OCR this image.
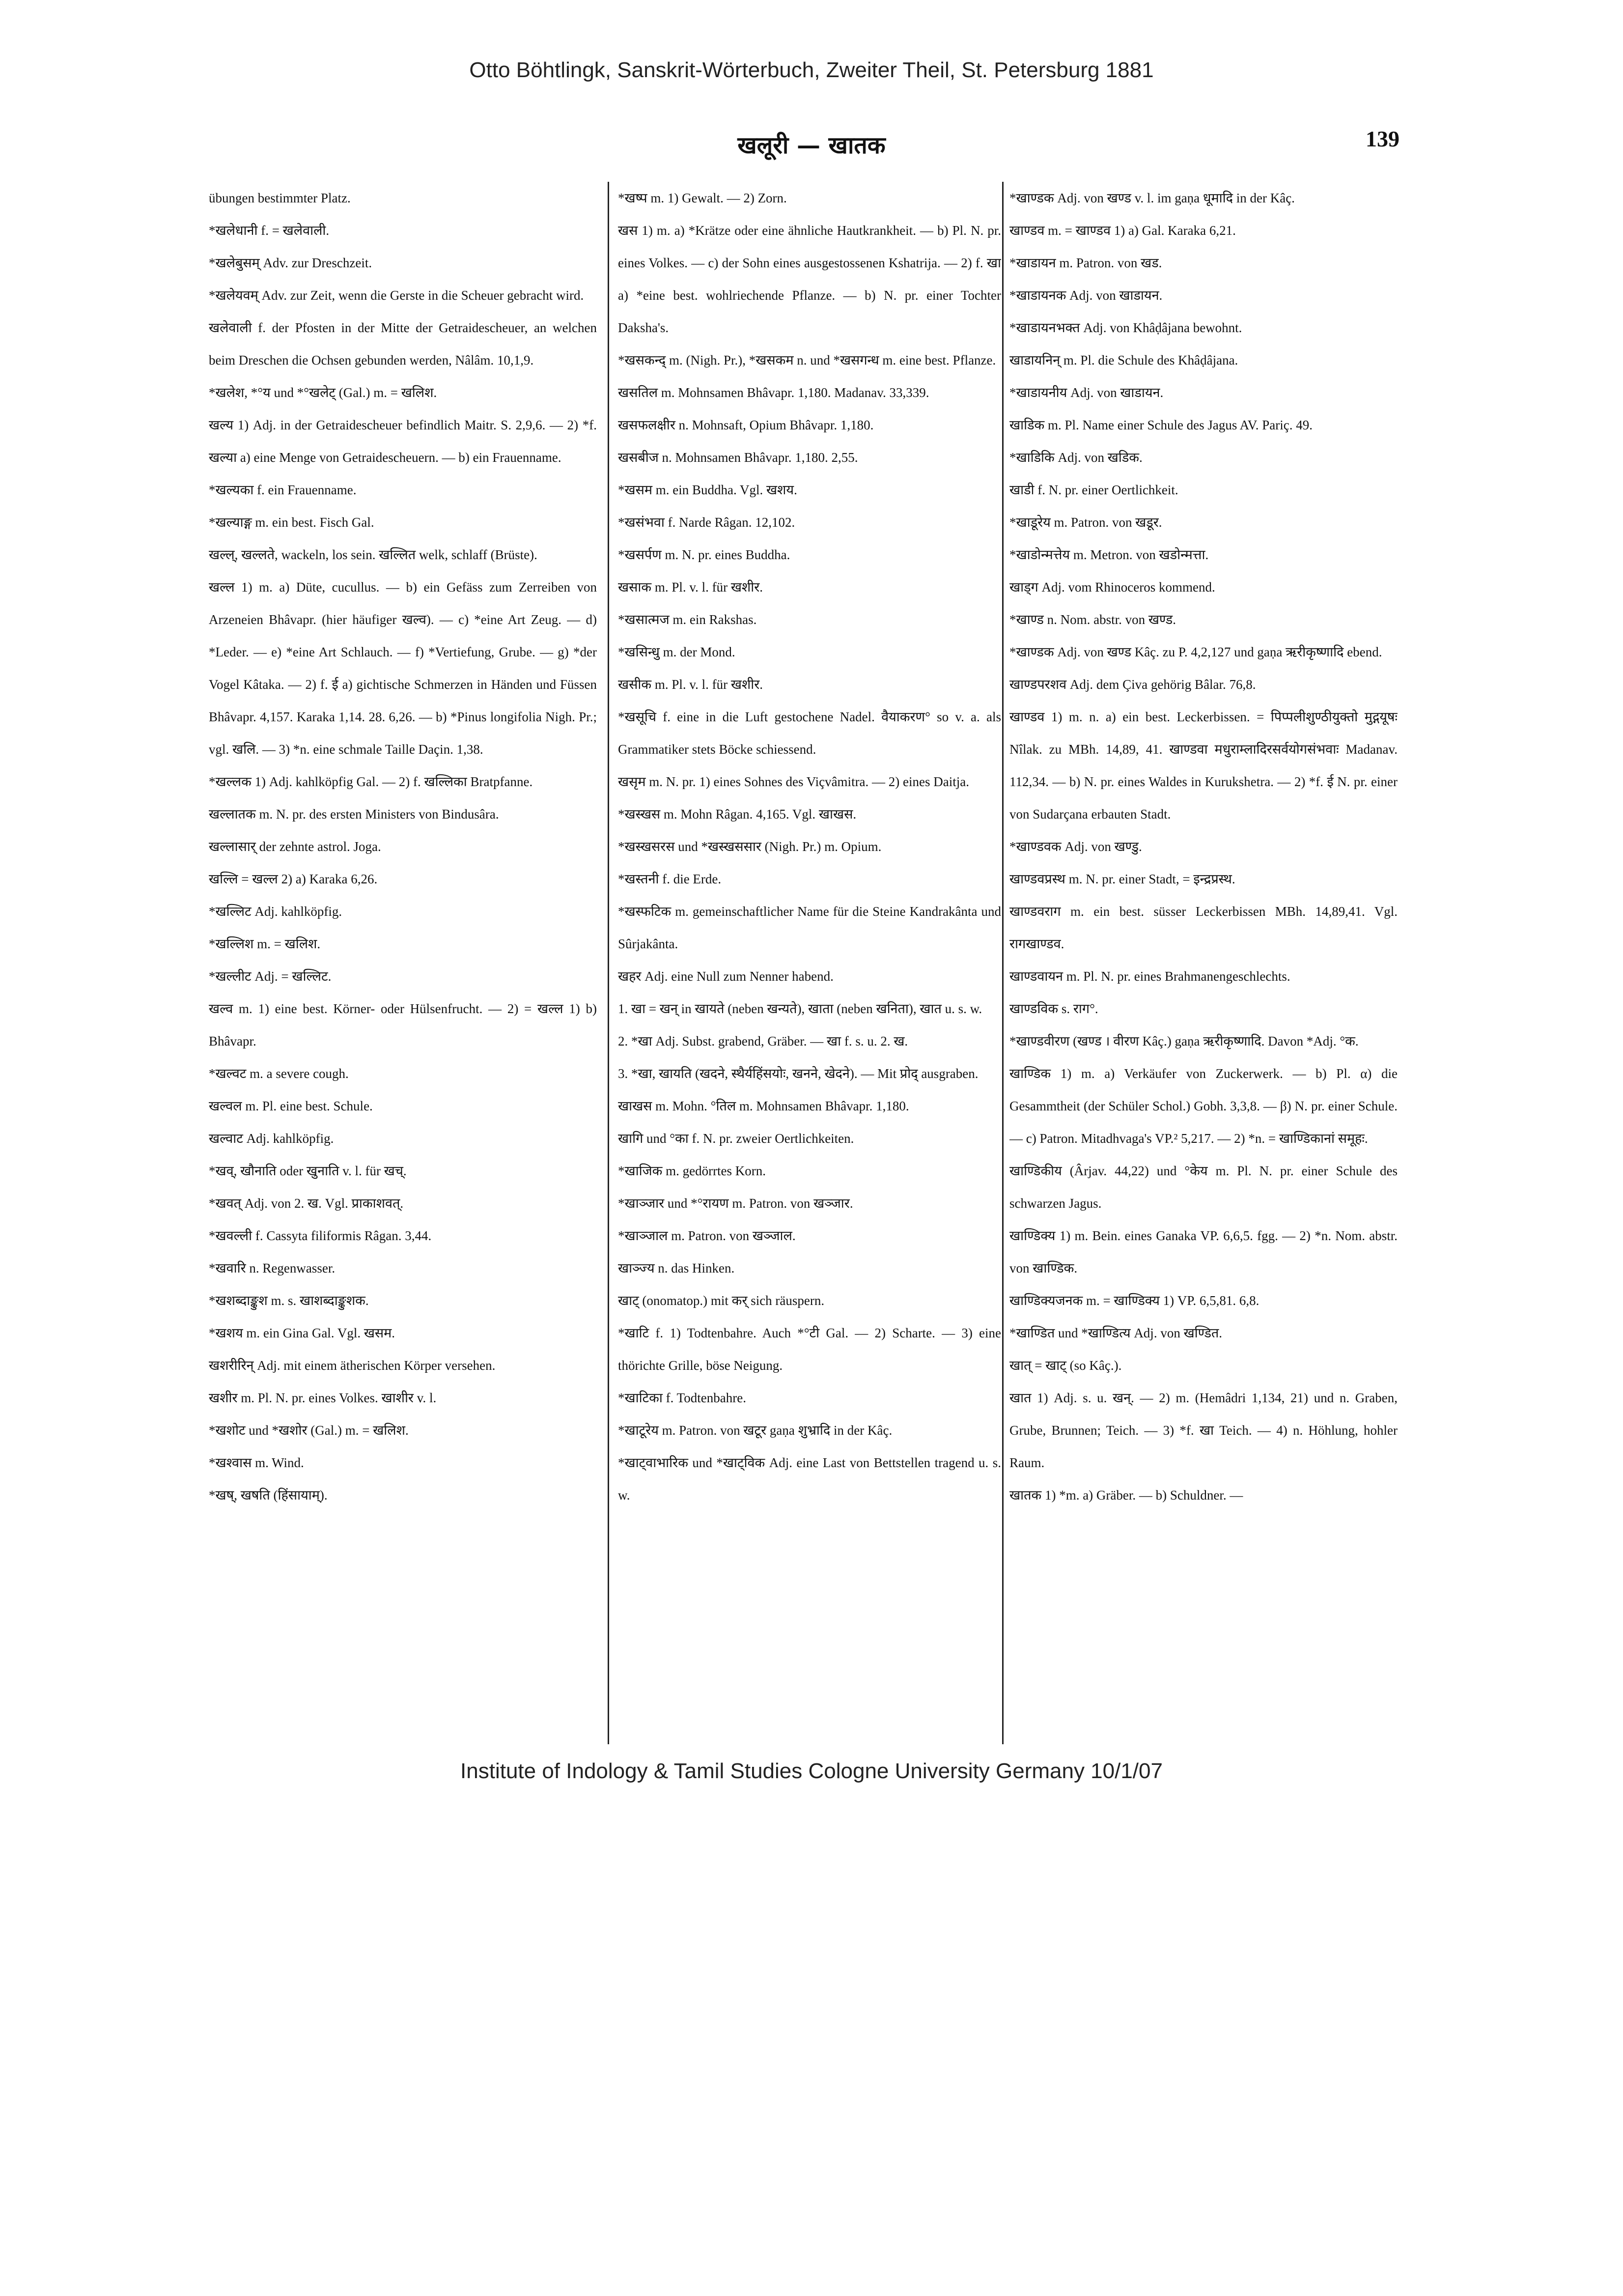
Otto Böhtlingk, Sanskrit-Wörterbuch, Zweiter Theil, St. Petersburg 1881
खलूरी — खातक	139

übungen bestimmter Platz.

*खलेधानी f. = खलेवाली.

*खलेबुसम् Adv. zur Dreschzeit.

*खलेयवम् Adv. zur Zeit, wenn die Gerste in die Scheuer gebracht wird.

खलेवाली f. der Pfosten in der Mitte der Getraidescheuer, an welchen beim Dreschen die Ochsen gebunden werden, Nâlâm. 10,1,9.

*खलेश, *°य und *°खलेट् (Gal.) m. = खलिश.

खल्य 1) Adj. in der Getraidescheuer befindlich Maitr. S. 2,9,6. — 2) *f. खल्या a) eine Menge von Getraidescheuern. — b) ein Frauenname.

*खल्यका f. ein Frauenname.

*खल्याङ्ग m. ein best. Fisch Gal.

खल्ल्, खल्लते, wackeln, los sein. खल्लित welk, schlaff (Brüste).

खल्ल 1) m. a) Düte, cucullus. — b) ein Gefäss zum Zerreiben von Arzeneien Bhâvapr. (hier häufiger खल्व). — c) *eine Art Zeug. — d) *Leder. — e) *eine Art Schlauch. — f) *Vertiefung, Grube. — g) *der Vogel Kâtaka. — 2) f. ई a) gichtische Schmerzen in Händen und Füssen Bhâvapr. 4,157. Karaka 1,14. 28. 6,26. — b) *Pinus longifolia Nigh. Pr.; vgl. खलि. — 3) *n. eine schmale Taille Daçin. 1,38.

*खल्लक 1) Adj. kahlköpfig Gal. — 2) f. खल्लिका Bratpfanne.

खल्लातक m. N. pr. des ersten Ministers von Bindusâra.

खल्लासार् der zehnte astrol. Joga.

खल्लि = खल्ल 2) a) Karaka 6,26.

*खल्लिट Adj. kahlköpfig.

*खल्लिश m. = खलिश.

*खल्लीट Adj. = खल्लिट.

खल्व m. 1) eine best. Körner- oder Hülsenfrucht. — 2) = खल्ल 1) b) Bhâvapr.

*खल्वट m. a severe cough.

खल्वल m. Pl. eine best. Schule.

खल्वाट Adj. kahlköpfig.

*खव्, खौनाति oder खुनाति v. l. für खच्.

*खवत् Adj. von 2. ख. Vgl. प्राकाशवत्.

*खवल्ली f. Cassyta filiformis Râgan. 3,44.

*खवारि n. Regenwasser.

*खशब्दाङ्कुश m. s. खाशब्दाङ्कुशक.

*खशय m. ein Gina Gal. Vgl. खसम.

खशरीरिन् Adj. mit einem ätherischen Körper versehen.

खशीर m. Pl. N. pr. eines Volkes. खाशीर v. l.

*खशोट und *खशोर (Gal.) m. = खलिश.

*खश्वास m. Wind.

*खष्, खषति (हिंसायाम्).

*खष्प m. 1) Gewalt. — 2) Zorn.

खस 1) m. a) *Krätze oder eine ähnliche Hautkrankheit. — b) Pl. N. pr. eines Volkes. — c) der Sohn eines ausgestossenen Kshatrija. — 2) f. खा a) *eine best. wohlriechende Pflanze. — b) N. pr. einer Tochter Daksha's.

*खसकन्द् m. (Nigh. Pr.), *खसकम n. und *खसगन्ध m. eine best. Pflanze.

खसतिल m. Mohnsamen Bhâvapr. 1,180. Madanav. 33,339.

खसफलक्षीर n. Mohnsaft, Opium Bhâvapr. 1,180.

खसबीज n. Mohnsamen Bhâvapr. 1,180. 2,55.

*खसम m. ein Buddha. Vgl. खशय.

*खसंभवा f. Narde Râgan. 12,102.

*खसर्पण m. N. pr. eines Buddha.

खसाक m. Pl. v. l. für खशीर.

*खसात्मज m. ein Rakshas.

*खसिन्धु m. der Mond.

खसीक m. Pl. v. l. für खशीर.

*खसूचि f. eine in die Luft gestochene Nadel. वैयाकरण° so v. a. als Grammatiker stets Böcke schiessend.

खसृम m. N. pr. 1) eines Sohnes des Viçvâmitra. — 2) eines Daitja.

*खस्खस m. Mohn Râgan. 4,165. Vgl. खाखस.

*खस्खसरस und *खस्खससार (Nigh. Pr.) m. Opium.

*खस्तनी f. die Erde.

*खस्फटिक m. gemeinschaftlicher Name für die Steine Kandrakânta und Sûrjakânta.

खहर Adj. eine Null zum Nenner habend.

1. खा = खन् in खायते (neben खन्यते), खाता (neben खनिता), खात u. s. w.

2. *खा Adj. Subst. grabend, Gräber. — खा f. s. u. 2. ख.

3. *खा, खायति (खदने, स्थैर्यहिंसयोः, खनने, खेदने). — Mit प्रोद् ausgraben.

खाखस m. Mohn. °तिल m. Mohnsamen Bhâvapr. 1,180.

खागि und °का f. N. pr. zweier Oertlichkeiten.

*खाजिक m. gedörrtes Korn.

*खाञ्जार und *°रायण m. Patron. von खञ्जार.

*खाञ्जाल m. Patron. von खञ्जाल.

खाञ्ज्य n. das Hinken.

खाट् (onomatop.) mit कर् sich räuspern.

*खाटि f. 1) Todtenbahre. Auch *°टी Gal. — 2) Scharte. — 3) eine thörichte Grille, böse Neigung.

*खाटिका f. Todtenbahre.

*खाटूरेय m. Patron. von खटूर gaṇa शुभ्रादि in der Kâç.

*खाट्वाभारिक und *खाट्विक Adj. eine Last von Bettstellen tragend u. s. w.

*खाण्डक Adj. von खण्ड v. l. im gaṇa धूमादि in der Kâç.

खाण्डव m. = खाण्डव 1) a) Gal. Karaka 6,21.

*खाडायन m. Patron. von खड.

*खाडायनक Adj. von खाडायन.

*खाडायनभक्त Adj. von Khâḍâjana bewohnt.

खाडायनिन् m. Pl. die Schule des Khâḍâjana.

*खाडायनीय Adj. von खाडायन.

खाडिक m. Pl. Name einer Schule des Jagus AV. Pariç. 49.

*खाडिकि Adj. von खडिक.

खाडी f. N. pr. einer Oertlichkeit.

*खाडूरेय m. Patron. von खडूर.

*खाडोन्मत्तेय m. Metron. von खडोन्मत्ता.

खाड्ग Adj. vom Rhinoceros kommend.

*खाण्ड n. Nom. abstr. von खण्ड.

*खाण्डक Adj. von खण्ड Kâç. zu P. 4,2,127 und gaṇa ऋरीकृष्णादि ebend.

खाण्डपरशव Adj. dem Çiva gehörig Bâlar. 76,8.

खाण्डव 1) m. n. a) ein best. Leckerbissen. = पिप्पलीशुण्ठीयुक्तो मुद्गयूषः Nîlak. zu MBh. 14,89, 41. खाण्डवा मधुराम्लादिरसर्वयोगसंभवाः Madanav. 112,34. — b) N. pr. eines Waldes in Kurukshetra. — 2) *f. ई N. pr. einer von Sudarçana erbauten Stadt.

*खाण्डवक Adj. von खण्डु.

खाण्डवप्रस्थ m. N. pr. einer Stadt, = इन्द्रप्रस्थ.

खाण्डवराग m. ein best. süsser Leckerbissen MBh. 14,89,41. Vgl. रागखाण्डव.

खाण्डवायन m. Pl. N. pr. eines Brahmanengeschlechts.

खाण्डविक s. राग°.

*खाण्डवीरण (खण्ड । वीरण Kâç.) gaṇa ऋरीकृष्णादि. Davon *Adj. °क.

खाण्डिक 1) m. a) Verkäufer von Zuckerwerk. — b) Pl. α) die Gesammtheit (der Schüler Schol.) Gobh. 3,3,8. — β) N. pr. einer Schule. — c) Patron. Mitadhvaga's VP.² 5,217. — 2) *n. = खाण्डिकानां समूहः.

खाण्डिकीय (Ârjav. 44,22) und °केय m. Pl. N. pr. einer Schule des schwarzen Jagus.

खाण्डिक्य 1) m. Bein. eines Ganaka VP. 6,6,5. fgg. — 2) *n. Nom. abstr. von खाण्डिक.

खाण्डिक्यजनक m. = खाण्डिक्य 1) VP. 6,5,81. 6,8.

*खाण्डित und *खाण्डित्य Adj. von खण्डित.

खात् = खाट् (so Kâç.).

खात 1) Adj. s. u. खन्. — 2) m. (Hemâdri 1,134, 21) und n. Graben, Grube, Brunnen; Teich. — 3) *f. खा Teich. — 4) n. Höhlung, hohler Raum.

खातक 1) *m. a) Gräber. — b) Schuldner. —

Institute of Indology & Tamil Studies Cologne University Germany 10/1/07
